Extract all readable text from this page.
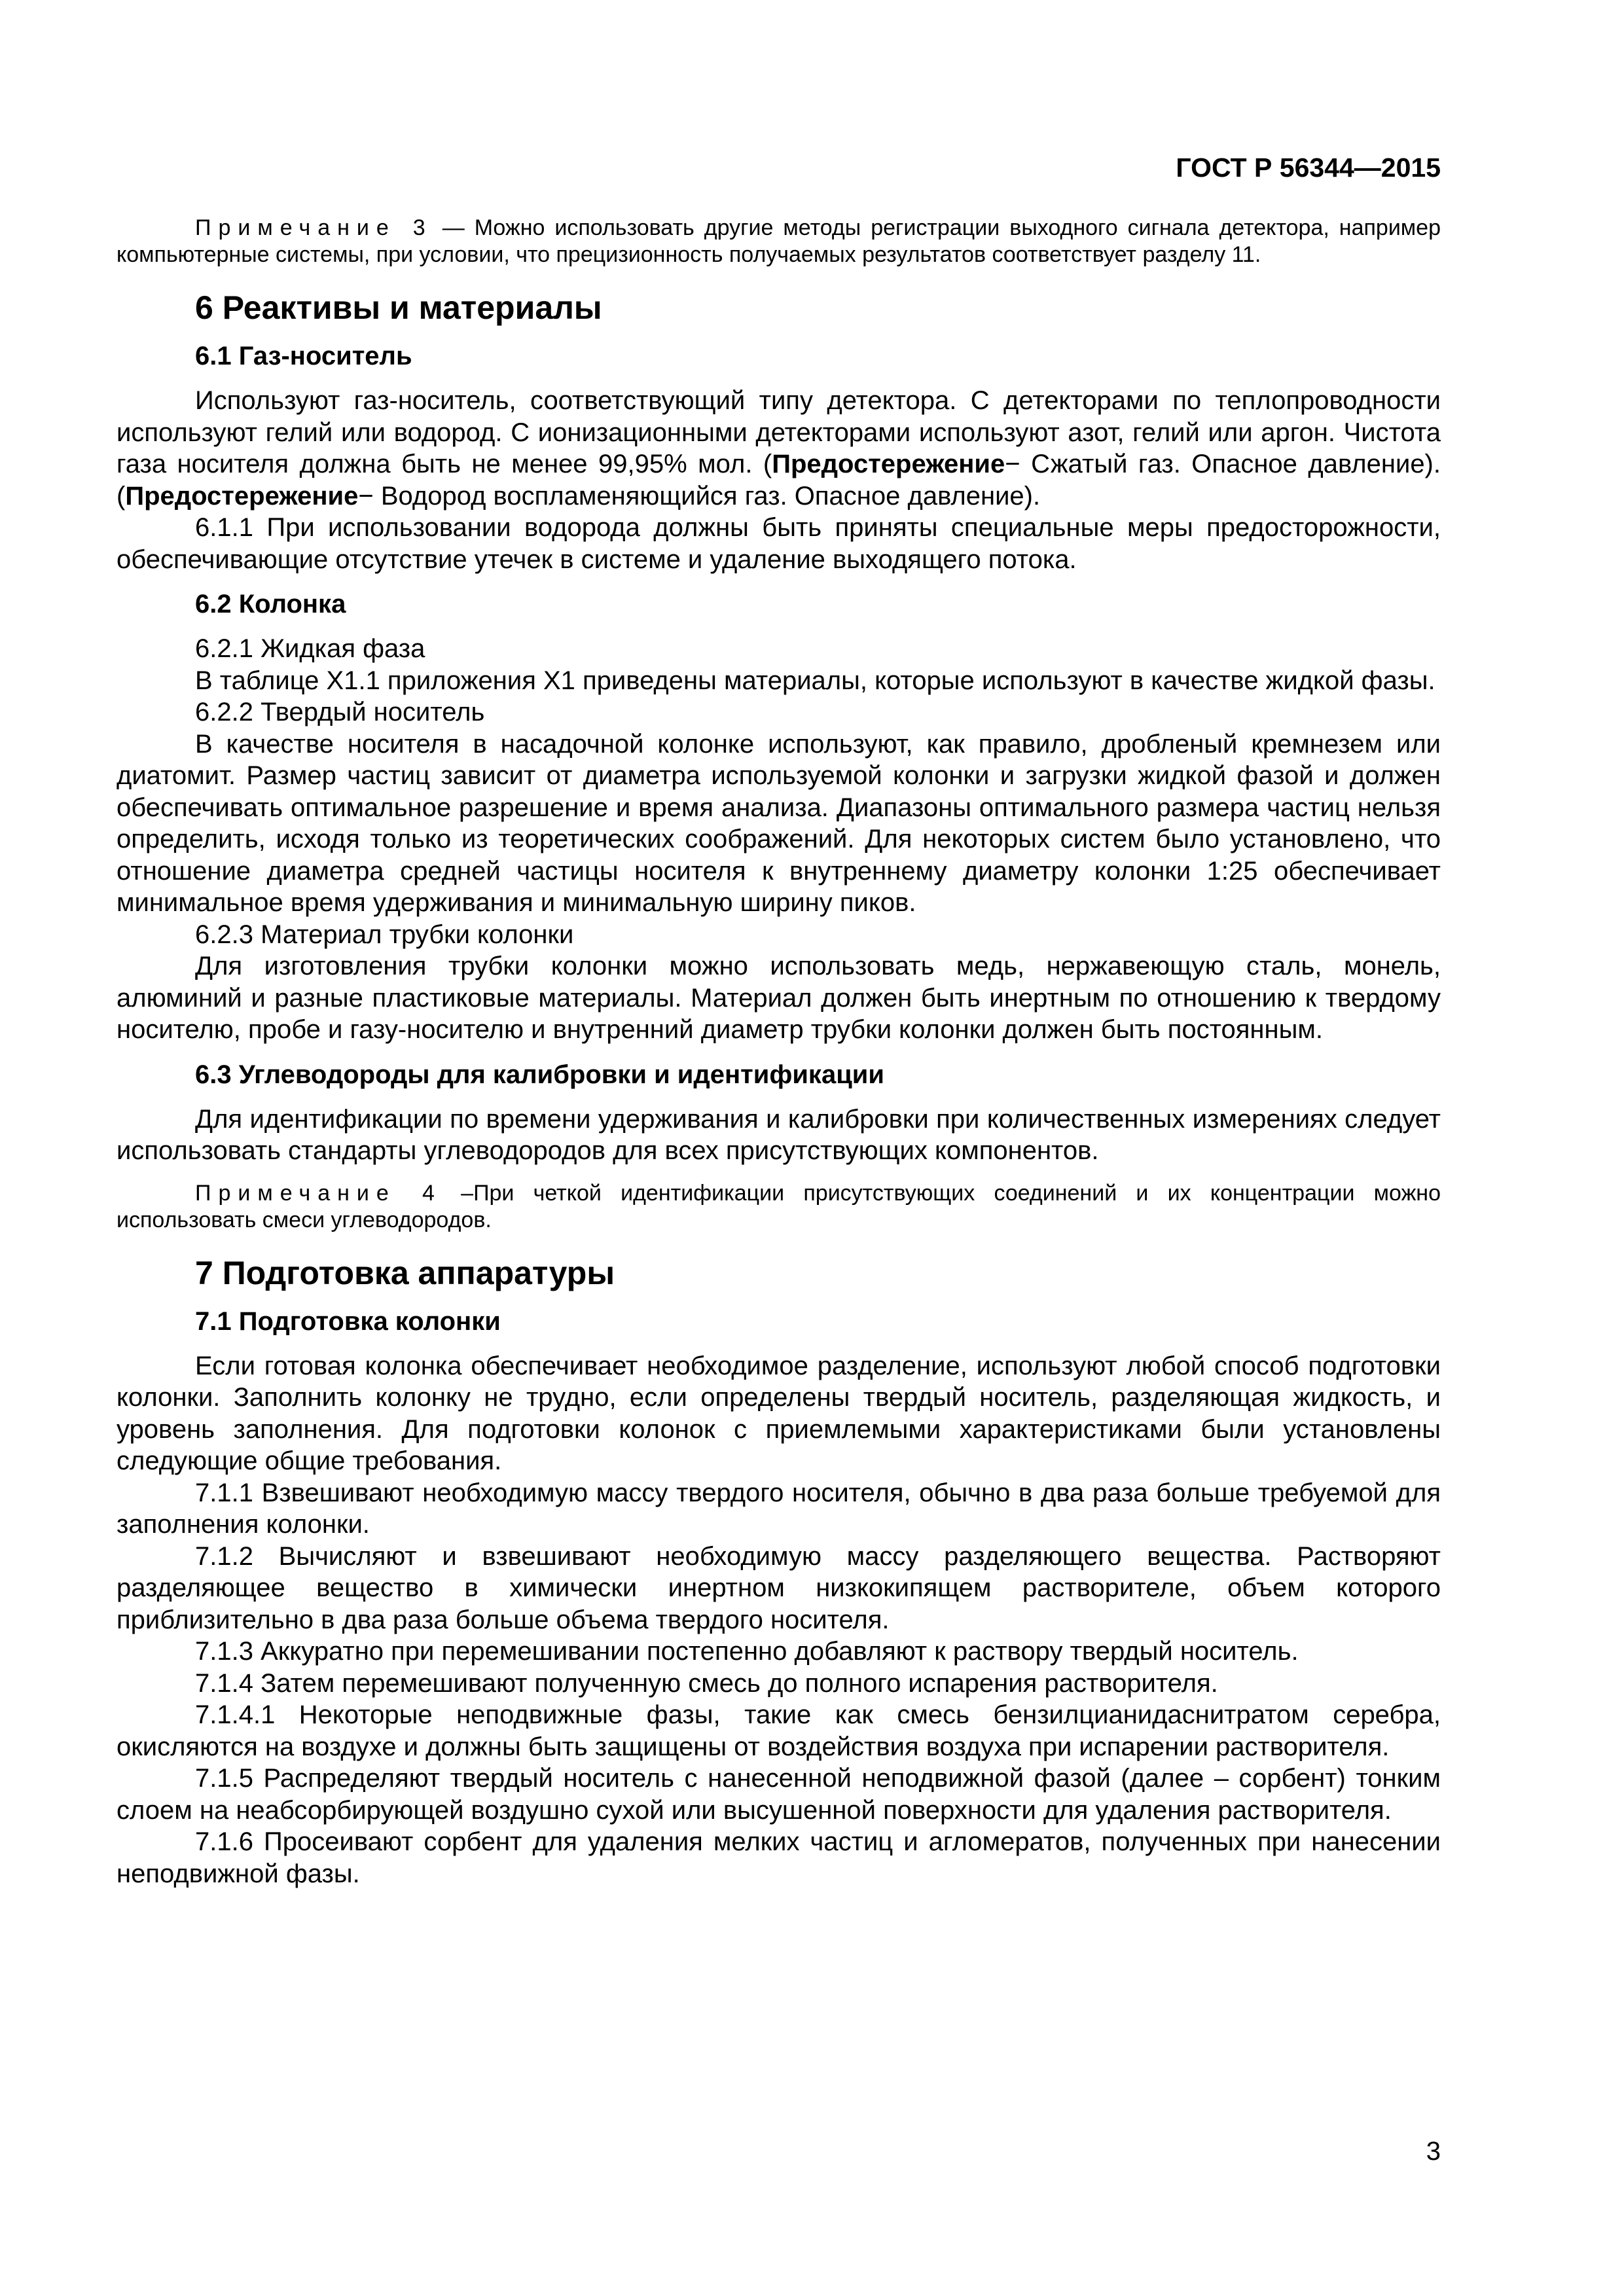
ГОСТ Р 56344—2015

Примечание 3 — Можно использовать другие методы регистрации выходного сигнала детектора, например компьютерные системы, при условии, что прецизионность получаемых результатов соответствует разделу 11.

6 Реактивы и материалы
6.1 Газ-носитель

Используют газ-носитель, соответствующий типу детектора. С детекторами по теплопроводности используют гелий или водород. С ионизационными детекторами используют азот, гелий или аргон. Чистота газа носителя должна быть не менее 99,95% мол. (Предостережение− Сжатый газ. Опасное давление). (Предостережение− Водород воспламеняющийся газ. Опасное давление).

6.1.1 При использовании водорода должны быть приняты специальные меры предосторожности, обеспечивающие отсутствие утечек в системе и удаление выходящего потока.

6.2 Колонка

6.2.1 Жидкая фаза

В таблице Х1.1 приложения Х1 приведены материалы, которые используют в качестве жидкой фазы.

6.2.2 Твердый носитель

В качестве носителя в насадочной колонке используют, как правило, дробленый кремнезем или диатомит. Размер частиц зависит от диаметра используемой колонки и загрузки жидкой фазой и должен обеспечивать оптимальное разрешение и время анализа. Диапазоны оптимального размера частиц нельзя определить, исходя только из теоретических соображений. Для некоторых систем было установлено, что отношение диаметра средней частицы носителя к внутреннему диаметру колонки 1:25 обеспечивает минимальное время удерживания и минимальную ширину пиков.

6.2.3 Материал трубки колонки

Для изготовления трубки колонки можно использовать медь, нержавеющую сталь, монель, алюминий и разные пластиковые материалы. Материал должен быть инертным по отношению к твердому носителю, пробе и газу-носителю и внутренний диаметр трубки колонки должен быть постоянным.

6.3 Углеводороды для калибровки и идентификации

Для идентификации по времени удерживания и калибровки при количественных измерениях следует использовать стандарты углеводородов для всех присутствующих компонентов.

Примечание 4 –При четкой идентификации присутствующих соединений и их концентрации можно использовать смеси углеводородов.

7 Подготовка аппаратуры
7.1 Подготовка колонки

Если готовая колонка обеспечивает необходимое разделение, используют любой способ подготовки колонки. Заполнить колонку не трудно, если определены твердый носитель, разделяющая жидкость, и уровень заполнения. Для подготовки колонок с приемлемыми характеристиками были установлены следующие общие требования.

7.1.1 Взвешивают необходимую массу твердого носителя, обычно в два раза больше требуемой для заполнения колонки.

7.1.2 Вычисляют и взвешивают необходимую массу разделяющего вещества. Растворяют разделяющее вещество в химически инертном низкокипящем растворителе, объем которого приблизительно в два раза больше объема твердого носителя.

7.1.3 Аккуратно при перемешивании постепенно добавляют к раствору твердый носитель.

7.1.4 Затем перемешивают полученную смесь до полного испарения растворителя.

7.1.4.1 Некоторые неподвижные фазы, такие как смесь бензилцианидаснитратом серебра, окисляются на воздухе и должны быть защищены от воздействия воздуха при испарении растворителя.

7.1.5 Распределяют твердый носитель с нанесенной неподвижной фазой (далее – сорбент) тонким слоем на неабсорбирующей воздушно сухой или высушенной поверхности для удаления растворителя.

7.1.6 Просеивают сорбент для удаления мелких частиц и агломератов, полученных при нанесении неподвижной фазы.

3
